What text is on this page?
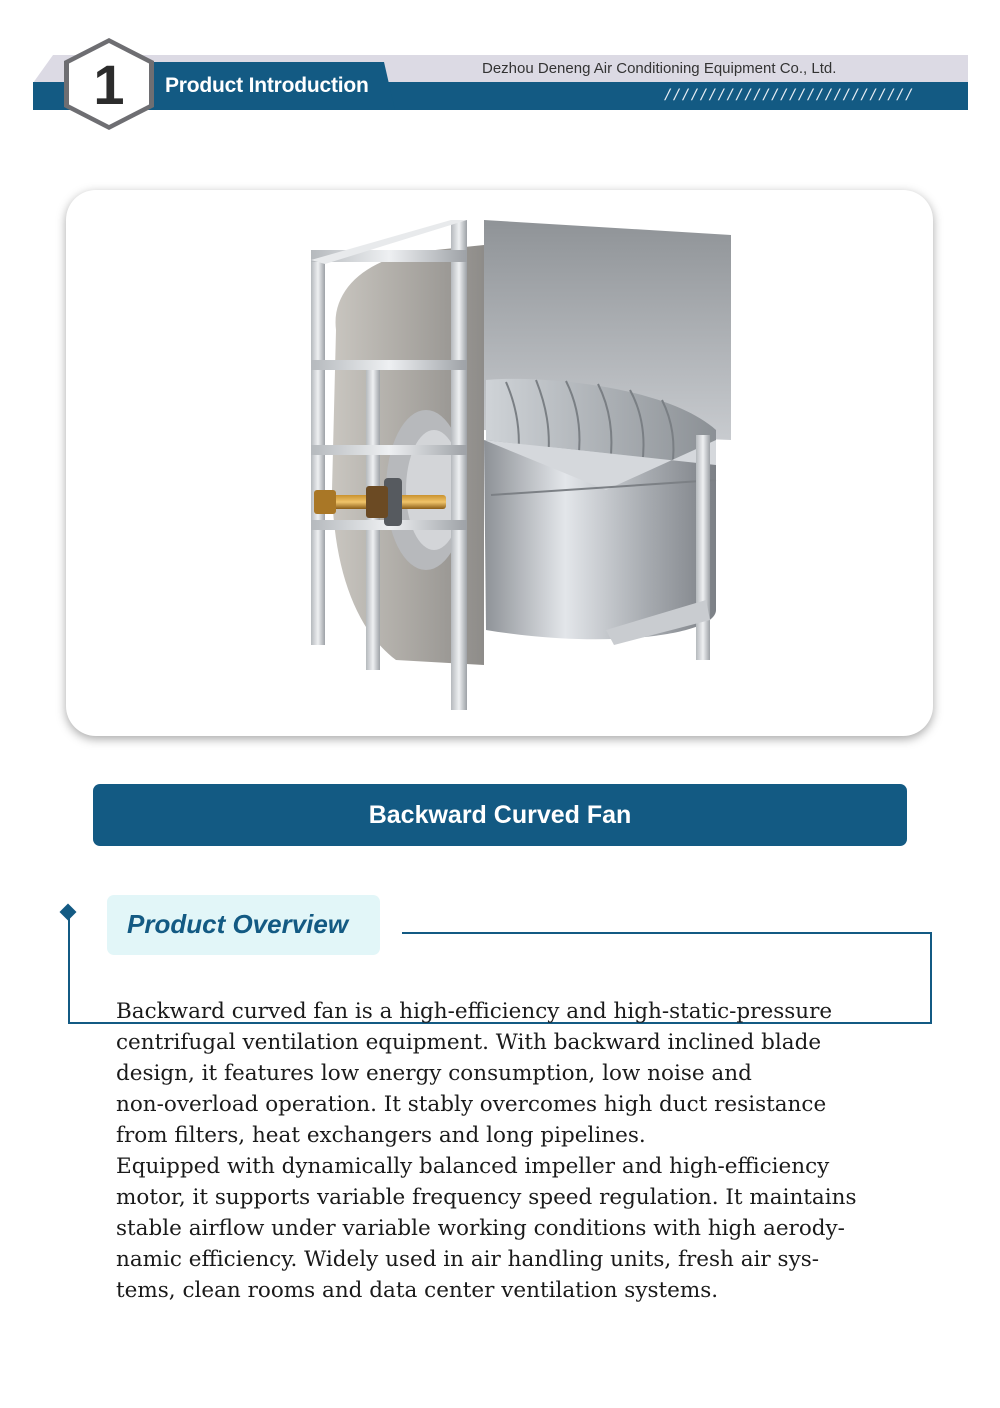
Product Introduction
Dezhou Deneng Air Conditioning Equipment Co., Ltd.
////////////////////////////
1
Backward Curved Fan
Product Overview

Backward curved fan is a high-efficiency and high-static-pressure
centrifugal ventilation equipment. With backward inclined blade
design, it features low energy consumption, low noise and
non-overload operation. It stably overcomes high duct resistance
from filters, heat exchangers and long pipelines.

Equipped with dynamically balanced impeller and high-efficiency
motor, it supports variable frequency speed regulation. It maintains
stable airflow under variable working conditions with high aerody-
namic efficiency. Widely used in air handling units, fresh air sys-
tems, clean rooms and data center ventilation systems.
